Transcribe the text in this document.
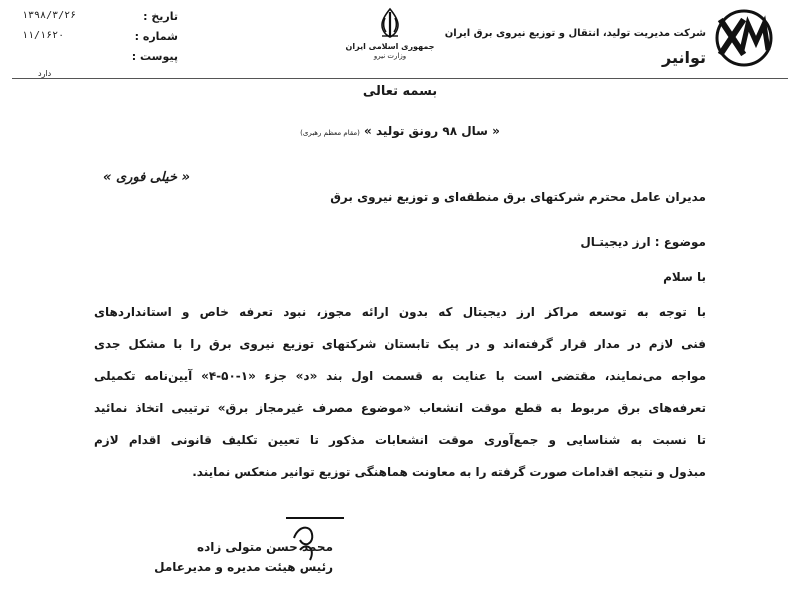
شرکت مدیریت تولید، انتقال و توزیع نیروی برق ایران
توانیر
جمهوری اسلامی ایران
وزارت نیرو
تاریخ :
۱۳۹۸/۳/۲۶
شماره :
۱۱/۱۶۲۰
پیوست :
دارد
بسمه تعالی
« سال ۹۸ رونق تولید » (مقام معظم رهبری)
« خیلی فوری »
مدیران عامل محترم شرکتهای برق منطقه‌ای و توزیع نیروی برق
موضوع : ارز دیجیتـال
با سلام
با توجه به توسعه مراکز ارز دیجیتال که بدون ارائه مجوز، نبود تعرفه خاص و استانداردهای
فنی لازم در مدار قرار گرفته‌اند و در پیک تابستان شرکتهای توزیع نیروی برق را با مشکل جدی
مواجه می‌نمایند، مقتضی است با عنایت به قسمت اول بند «د» جزء «۱-۵۰-۴» آیین‌نامه تکمیلی
تعرفه‌های برق مربوط به قطع موقت انشعاب «موضوع مصرف غیرمجاز برق» ترتیبی اتخاذ نمائید
تا نسبت به شناسایی و جمع‌آوری موقت انشعابات مذکور تا تعیین تکلیف قانونی اقدام لازم
مبذول و نتیجه اقدامات صورت گرفته را به معاونت هماهنگی توزیع توانیر منعکس نمایند.
محمد حسن متولی زاده
رئیس هیئت مدیره و مدیرعامل
